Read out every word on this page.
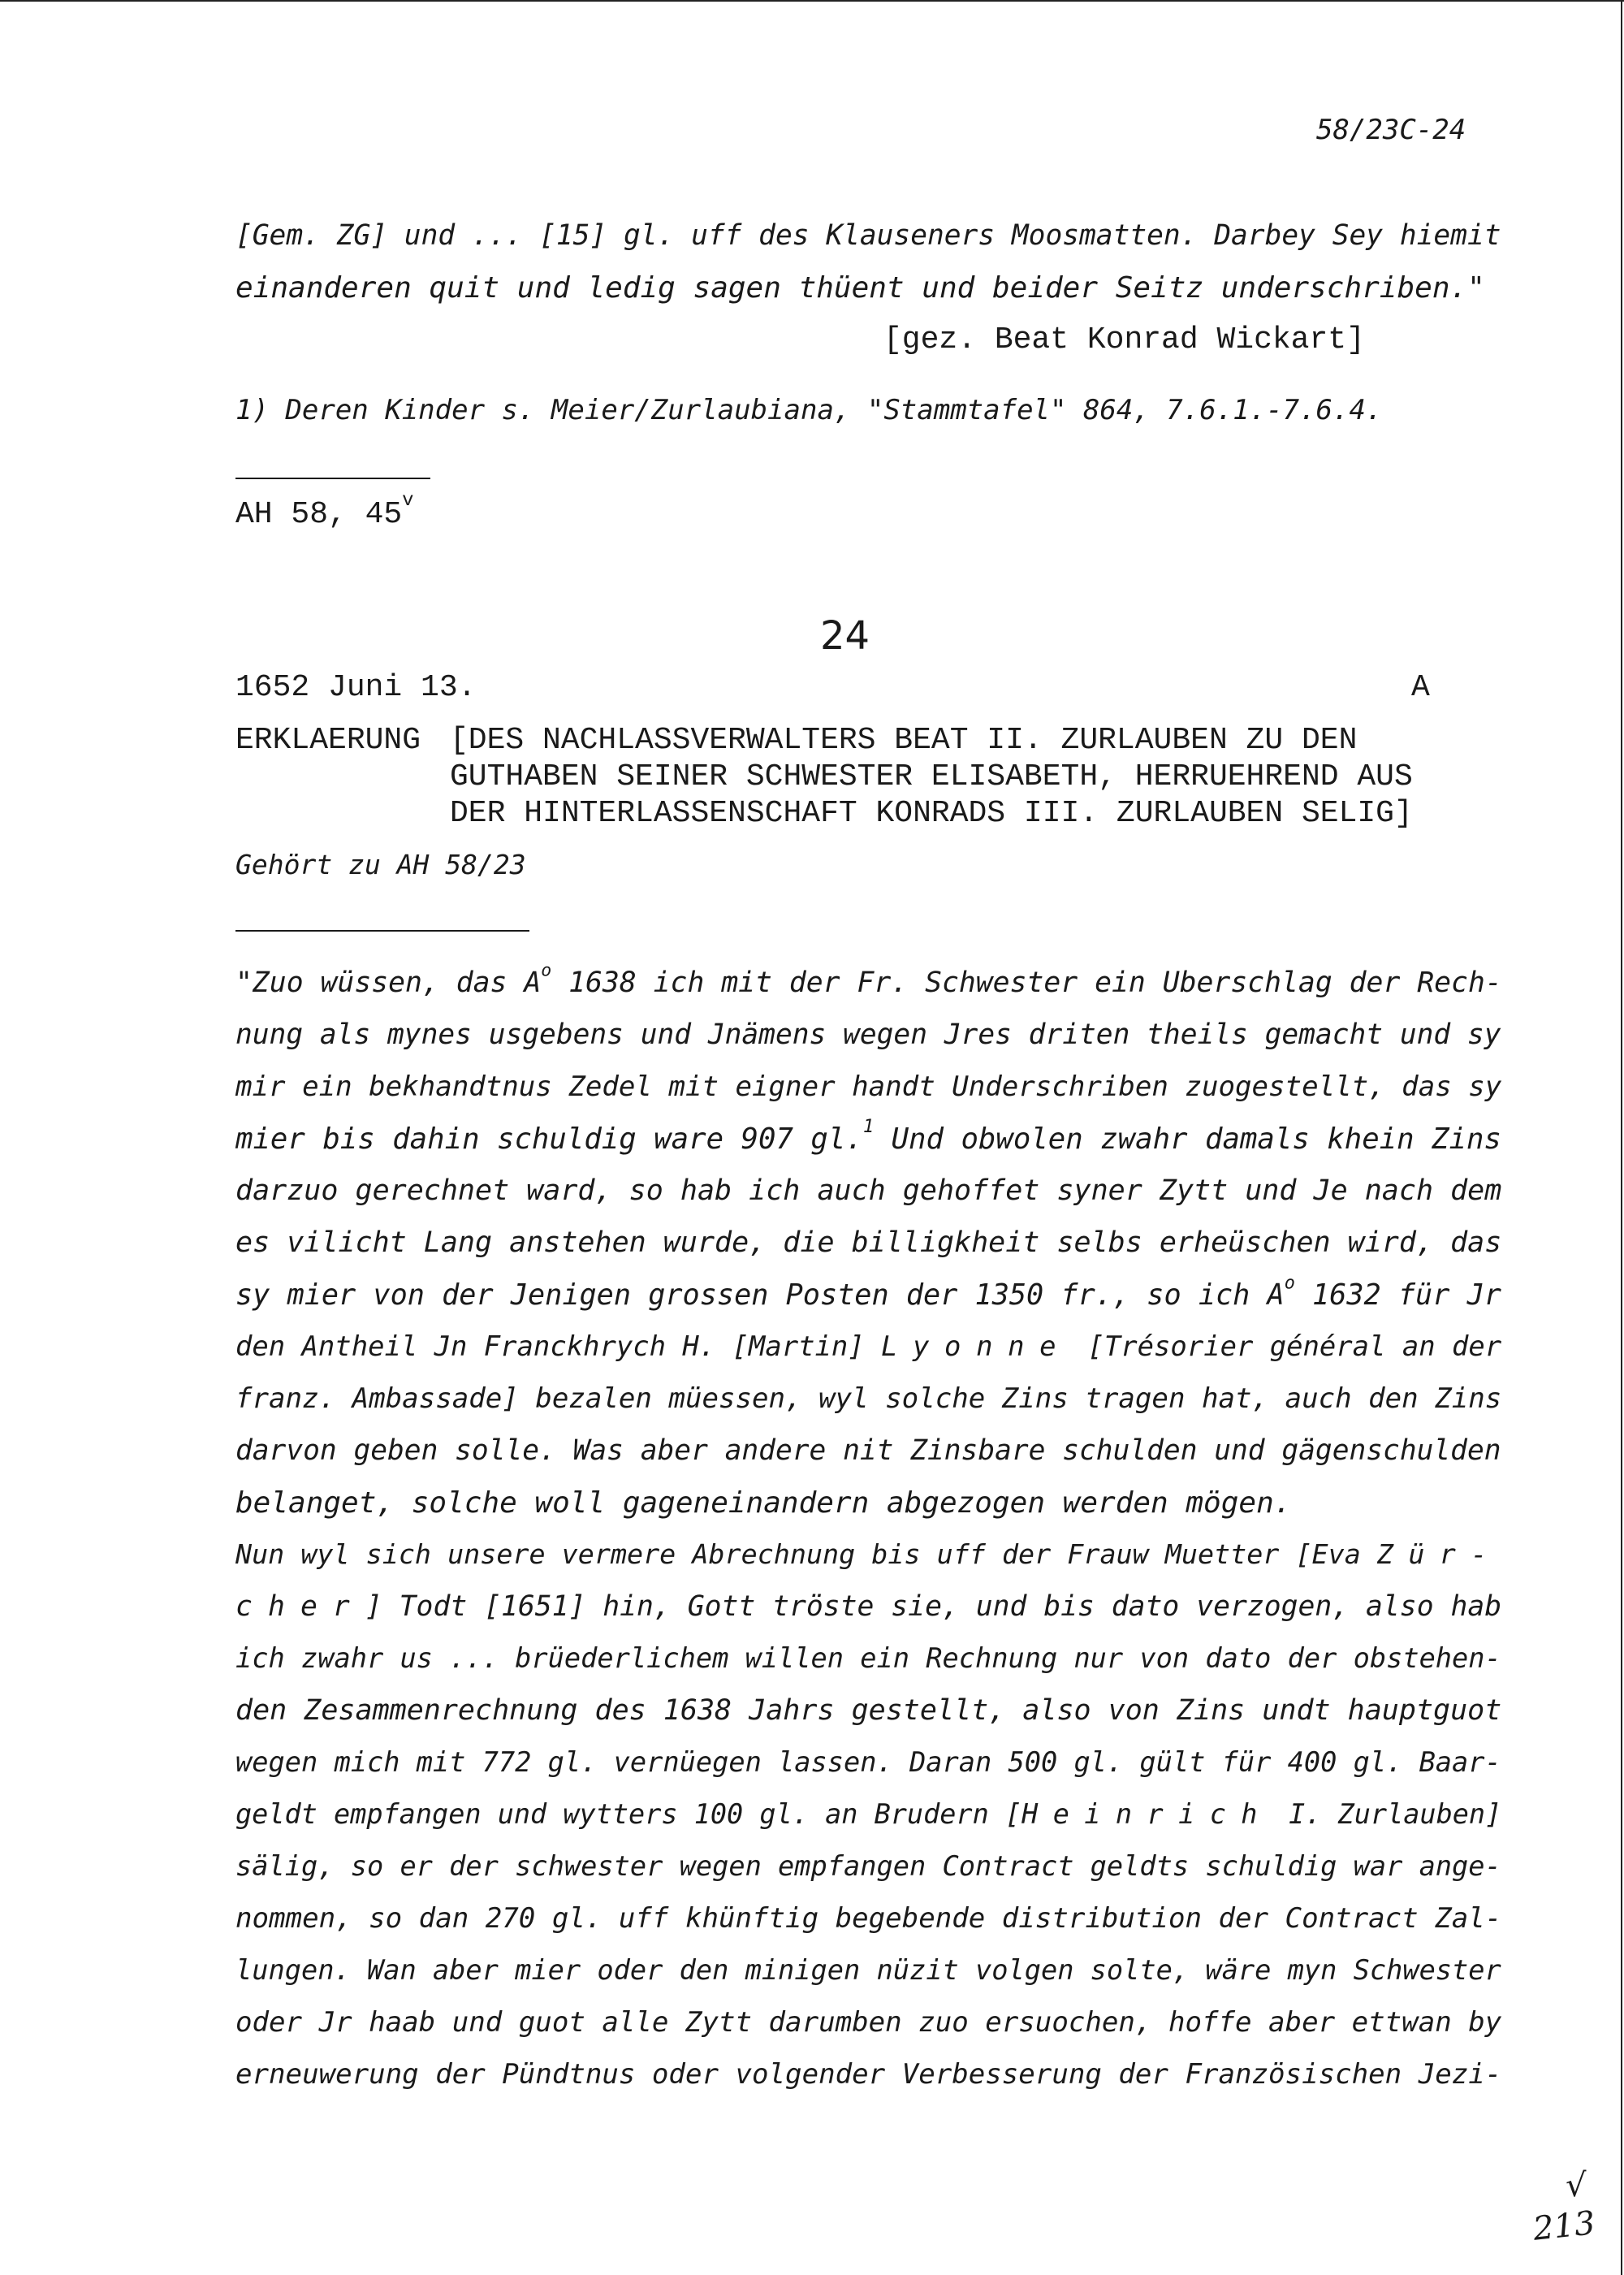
58/23C-24

[Gem. ZG] und ... [15] gl. uff des Klauseners Moosmatten. Darbey Sey hiemit

einanderen quit und ledig sagen thüent und beider Seitz underschriben."

[gez. Beat Konrad Wickart]

1) Deren Kinder s. Meier/Zurlaubiana, "Stammtafel" 864, 7.6.1.-7.6.4.

AH 58, 45$^v$

24

1652 Juni 13.	A

ERKLAERUNG [DES NACHLASSVERWALTERS BEAT II. ZURLAUBEN ZU DEN

GUTHABEN SEINER SCHWESTER ELISABETH, HERRUEHREND AUS

DER HINTERLASSENSCHAFT KONRADS III. ZURLAUBEN SELIG]

Gehört zu AH 58/23

"Zuo wüssen, das $A^o$ 1638 ich mit der Fr. Schwester ein Uberschlag der Rech-

nung als mynes usgebens und Jnämens wegen Jres driten theils gemacht und sy

mir ein bekhandtnus Zedel mit eigner handt Underschriben zuogestellt, das sy

mier bis dahin schuldig ware 907 gl.$^1$ Und obwolen zwahr damals khein Zins

darzuo gerechnet ward, so hab ich auch gehoffet syner Zytt und Je nach dem

es vilicht Lang anstehen wurde, die billigkheit selbs erheüschen wird, das

sy mier von der Jenigen grossen Posten der 1350 fr., so ich $A^o$ 1632 für Jr

den Antheil Jn Franckhrych H. [Martin] Lyonne [Trésorier général an der

franz. Ambassade] bezalen müessen, wyl solche Zins tragen hat, auch den Zins

darvon geben solle. Was aber andere nit Zinsbare schulden und gägenschulden

belanget, solche woll gageneinandern abgezogen werden mögen.

Nun wyl sich unsere vermere Abrechnung bis uff der Frauw Muetter [Eva Zür-

cher] Todt [1651] hin, Gott tröste sie, und bis dato verzogen, also hab

ich zwahr us ... brüederlichem willen ein Rechnung nur von dato der obstehen-

den Zesammenrechnung des 1638 Jahrs gestellt, also von Zins undt hauptguot

wegen mich mit 772 gl. vernüegen lassen. Daran 500 gl. gült für 400 gl. Baar-

geldt empfangen und wytters 100 gl. an Brudern [Heinrich I. Zurlauben]

sälig, so er der schwester wegen empfangen Contract geldts schuldig war ange-

nommen, so dan 270 gl. uff khünftig begebende distribution der Contract Zal-

lungen. Wan aber mier oder den minigen nüzit volgen solte, wäre myn Schwester

oder Jr haab und guot alle Zytt darumben zuo ersuochen, hoffe aber ettwan by

erneuwerung der Pündtnus oder volgender Verbesserung der Französischen Jezi-

√

213
